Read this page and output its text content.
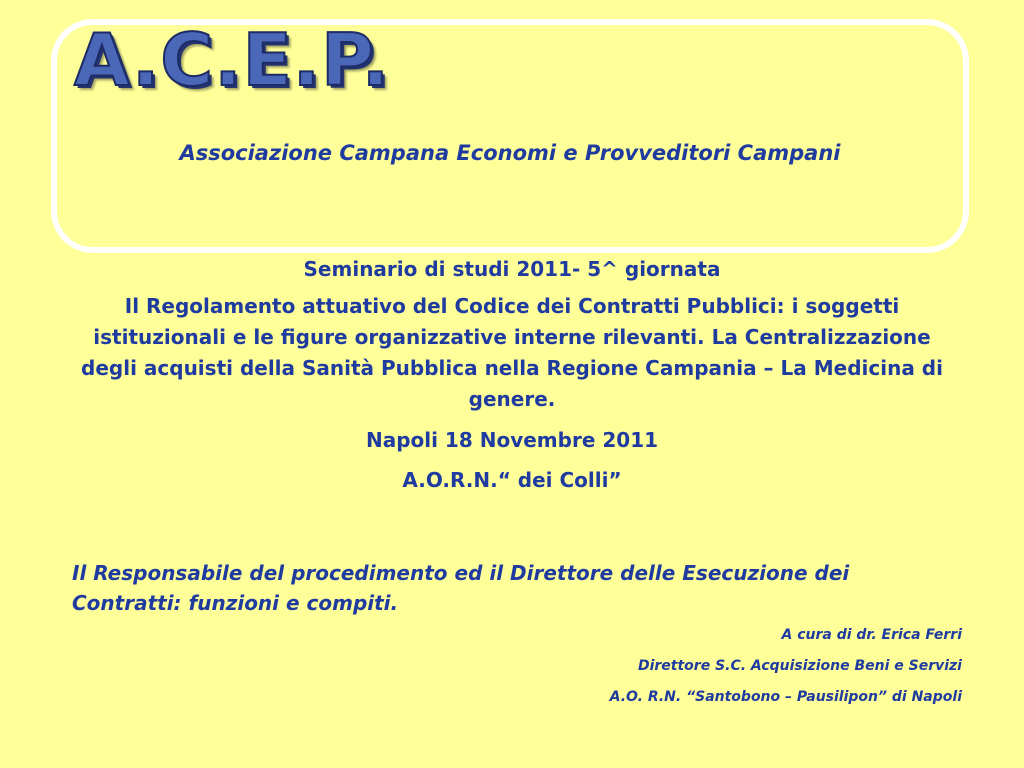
A.C.E.P.
Associazione Campana Economi e Provveditori Campani

Seminario di studi 2011- 5^ giornata

Il Regolamento attuativo del Codice dei Contratti Pubblici: i soggetti istituzionali e le figure organizzative interne rilevanti. La Centralizzazione degli acquisti della Sanità Pubblica nella Regione Campania – La Medicina di genere.

Napoli 18 Novembre 2011

A.O.R.N.“ dei Colli”

Il Responsabile del procedimento ed il Direttore delle Esecuzione dei Contratti: funzioni e compiti.
A cura di dr. Erica Ferri
Direttore S.C. Acquisizione Beni e Servizi
A.O. R.N. “Santobono – Pausilipon” di Napoli
